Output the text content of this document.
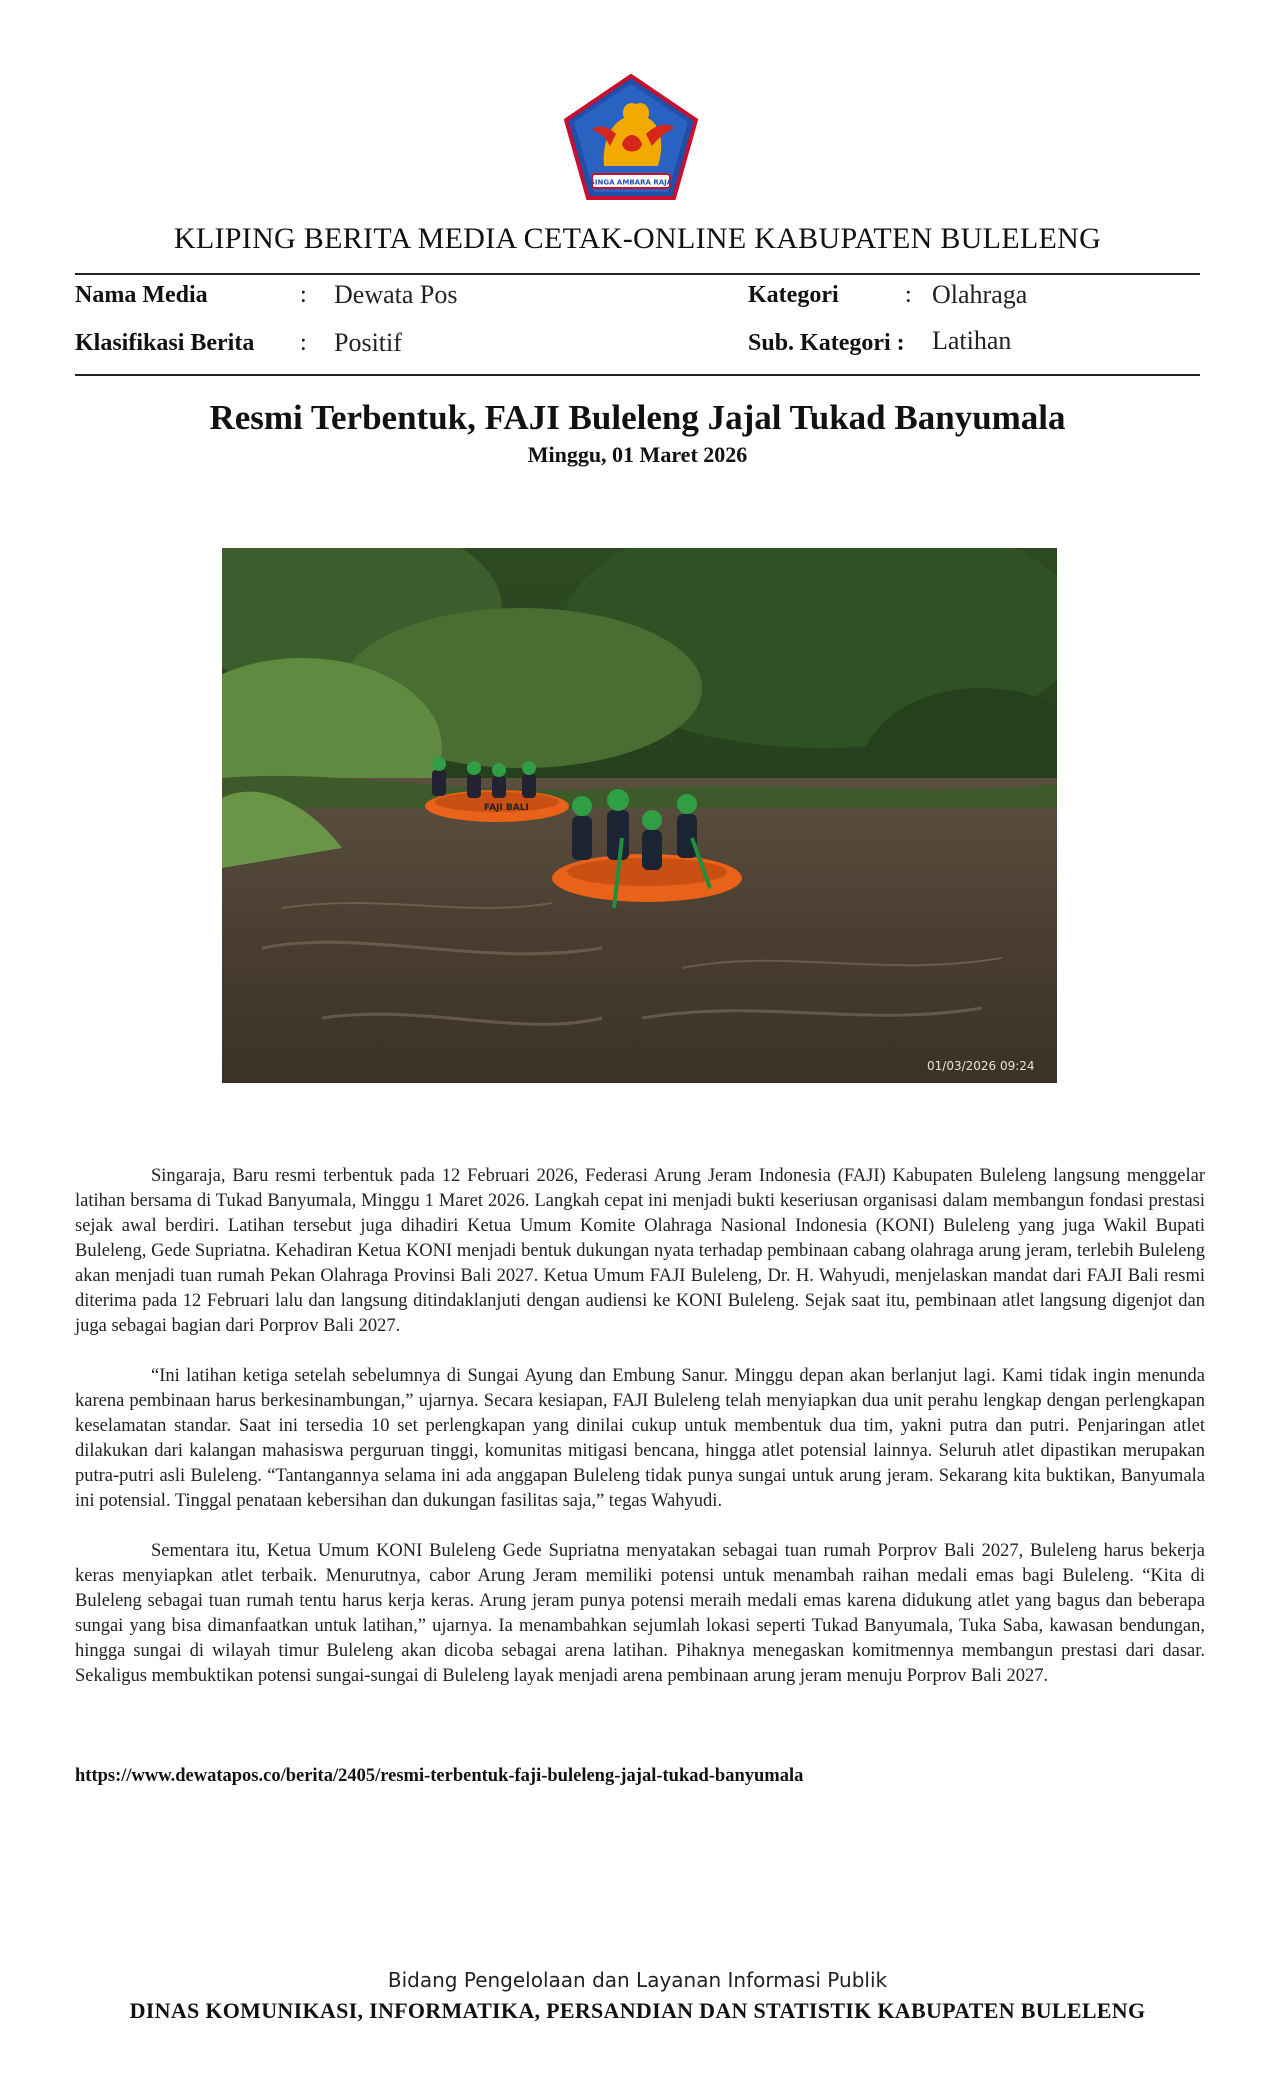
SINGA AMBARA RAJA
KLIPING BERITA MEDIA CETAK-ONLINE KABUPATEN BULELENG
Nama Media	: Dewata Pos	Kategori	: Olahraga
Klasifikasi Berita : Positif	Sub. Kategori : Latihan
Resmi Terbentuk, FAJI Buleleng Jajal Tukad Banyumala
Minggu, 01 Maret 2026
FAJI BALI
01/03/2026 09:24

Singaraja, Baru resmi terbentuk pada 12 Februari 2026, Federasi Arung Jeram Indonesia (FAJI) Kabupaten Buleleng langsung menggelar latihan bersama di Tukad Banyumala, Minggu 1 Maret 2026. Langkah cepat ini menjadi bukti keseriusan organisasi dalam membangun fondasi prestasi sejak awal berdiri. Latihan tersebut juga dihadiri Ketua Umum Komite Olahraga Nasional Indonesia (KONI) Buleleng yang juga Wakil Bupati Buleleng, Gede Supriatna. Kehadiran Ketua KONI menjadi bentuk dukungan nyata terhadap pembinaan cabang olahraga arung jeram, terlebih Buleleng akan menjadi tuan rumah Pekan Olahraga Provinsi Bali 2027. Ketua Umum FAJI Buleleng, Dr. H. Wahyudi, menjelaskan mandat dari FAJI Bali resmi diterima pada 12 Februari lalu dan langsung ditindaklanjuti dengan audiensi ke KONI Buleleng. Sejak saat itu, pembinaan atlet langsung digenjot dan juga sebagai bagian dari Porprov Bali 2027.

“Ini latihan ketiga setelah sebelumnya di Sungai Ayung dan Embung Sanur. Minggu depan akan berlanjut lagi. Kami tidak ingin menunda karena pembinaan harus berkesinambungan,” ujarnya. Secara kesiapan, FAJI Buleleng telah menyiapkan dua unit perahu lengkap dengan perlengkapan keselamatan standar. Saat ini tersedia 10 set perlengkapan yang dinilai cukup untuk membentuk dua tim, yakni putra dan putri. Penjaringan atlet dilakukan dari kalangan mahasiswa perguruan tinggi, komunitas mitigasi bencana, hingga atlet potensial lainnya. Seluruh atlet dipastikan merupakan putra-putri asli Buleleng. “Tantangannya selama ini ada anggapan Buleleng tidak punya sungai untuk arung jeram. Sekarang kita buktikan, Banyumala ini potensial. Tinggal penataan kebersihan dan dukungan fasilitas saja,” tegas Wahyudi.

Sementara itu, Ketua Umum KONI Buleleng Gede Supriatna menyatakan sebagai tuan rumah Porprov Bali 2027, Buleleng harus bekerja keras menyiapkan atlet terbaik. Menurutnya, cabor Arung Jeram memiliki potensi untuk menambah raihan medali emas bagi Buleleng. “Kita di Buleleng sebagai tuan rumah tentu harus kerja keras. Arung jeram punya potensi meraih medali emas karena didukung atlet yang bagus dan beberapa sungai yang bisa dimanfaatkan untuk latihan,” ujarnya. Ia menambahkan sejumlah lokasi seperti Tukad Banyumala, Tuka Saba, kawasan bendungan, hingga sungai di wilayah timur Buleleng akan dicoba sebagai arena latihan. Pihaknya menegaskan komitmennya membangun prestasi dari dasar. Sekaligus membuktikan potensi sungai-sungai di Buleleng layak menjadi arena pembinaan arung jeram menuju Porprov Bali 2027.

https://www.dewatapos.co/berita/2405/resmi-terbentuk-faji-buleleng-jajal-tukad-banyumala
Bidang Pengelolaan dan Layanan Informasi Publik
DINAS KOMUNIKASI, INFORMATIKA, PERSANDIAN DAN STATISTIK KABUPATEN BULELENG
